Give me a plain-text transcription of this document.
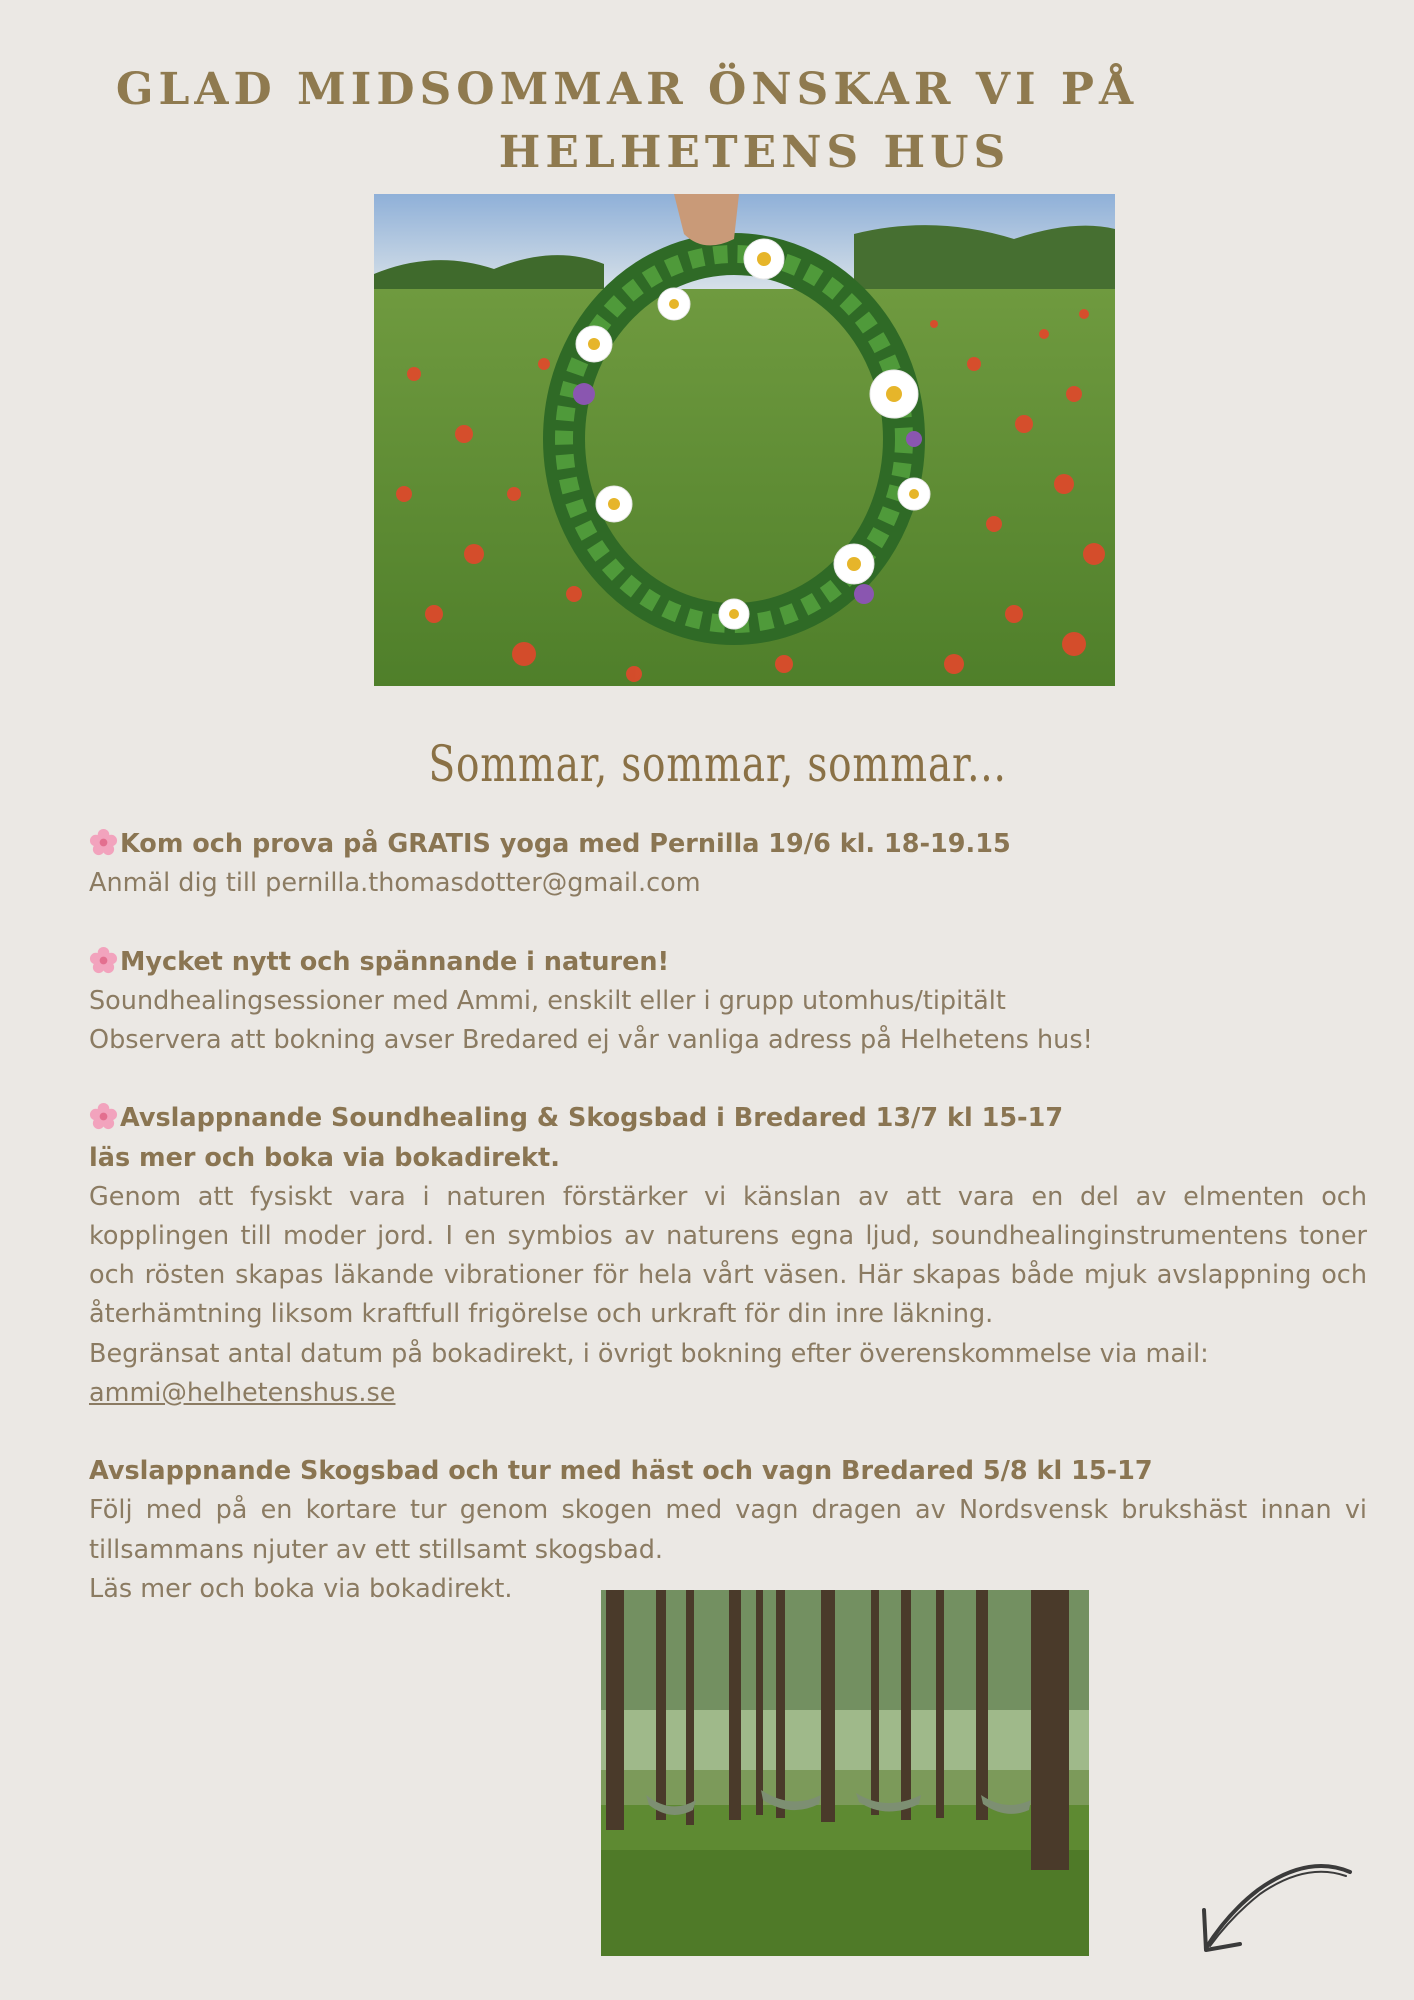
GLAD MIDSOMMAR ÖNSKAR VI PÅ
HELHETENS HUS
Sommar, sommar, sommar...

Kom och prova på GRATIS yoga med Pernilla 19/6 kl. 18-19.15

Anmäl dig till pernilla.thomasdotter@gmail.com

Mycket nytt och spännande i naturen!

Soundhealingsessioner med Ammi, enskilt eller i grupp utomhus/tipitält

Observera att bokning avser Bredared ej vår vanliga adress på Helhetens hus!

Avslappnande Soundhealing & Skogsbad i Bredared 13/7 kl 15-17

läs mer och boka via bokadirekt.

Genom att fysiskt vara i naturen förstärker vi känslan av att vara en del av elmenten och kopplingen till moder jord. I en symbios av naturens egna ljud, soundhealinginstrumentens toner och rösten skapas läkande vibrationer för hela vårt väsen. Här skapas både mjuk avslappning och återhämtning liksom kraftfull frigörelse och urkraft för din inre läkning.

Begränsat antal datum på bokadirekt, i övrigt bokning efter överenskommelse via mail:

ammi@helhetenshus.se

Avslappnande Skogsbad och tur med häst och vagn Bredared 5/8 kl 15-17

Följ med på en kortare tur genom skogen med vagn dragen av Nordsvensk brukshäst innan vi tillsammans njuter av ett stillsamt skogsbad.

Läs mer och boka via bokadirekt.
